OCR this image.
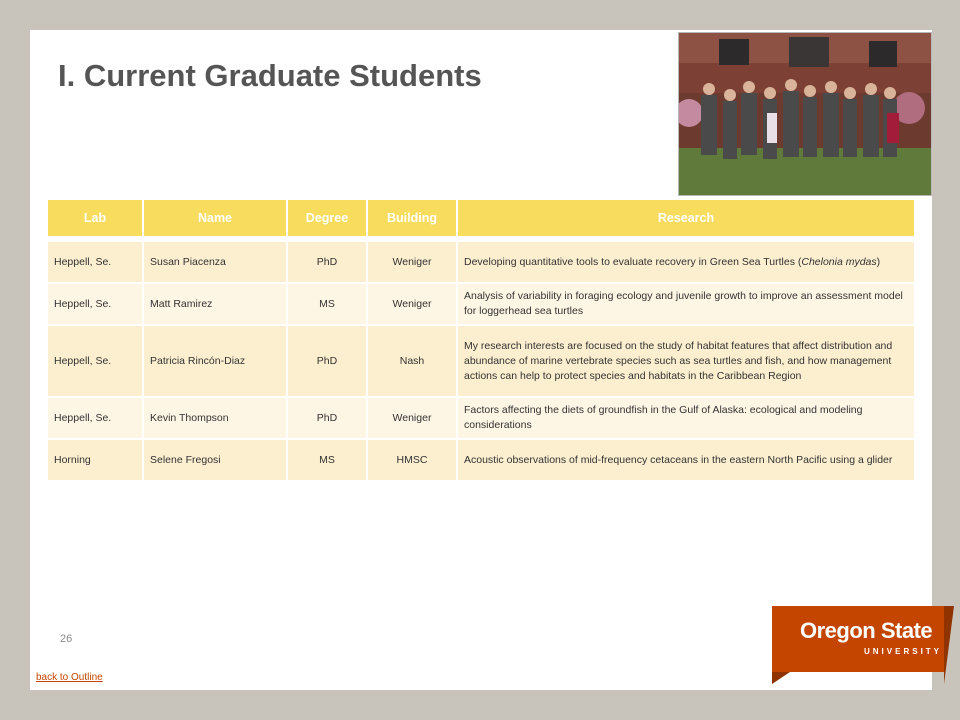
I. Current Graduate Students
Lab	Name	Degree	Building	Research
Heppell, Se.	Susan Piacenza	PhD	Weniger	Developing quantitative tools to evaluate recovery in Green Sea Turtles (Chelonia mydas)
Heppell, Se.	Matt Ramirez	MS	Weniger	Analysis of variability in foraging ecology and juvenile growth to improve an assessment model for loggerhead sea turtles
Heppell, Se.	Patricia Rincón-Diaz	PhD	Nash	My research interests are focused on the study of habitat features that affect distribution and abundance of marine vertebrate species such as sea turtles and fish, and how management actions can help to protect species and habitats in the Caribbean Region
Heppell, Se.	Kevin Thompson	PhD	Weniger	Factors affecting the diets of groundfish in the Gulf of Alaska: ecological and modeling considerations
Horning	Selene Fregosi	MS	HMSC	Acoustic observations of mid-frequency cetaceans in the eastern North Pacific using a glider
26
back to Outline
Oregon State
UNIVERSITY
